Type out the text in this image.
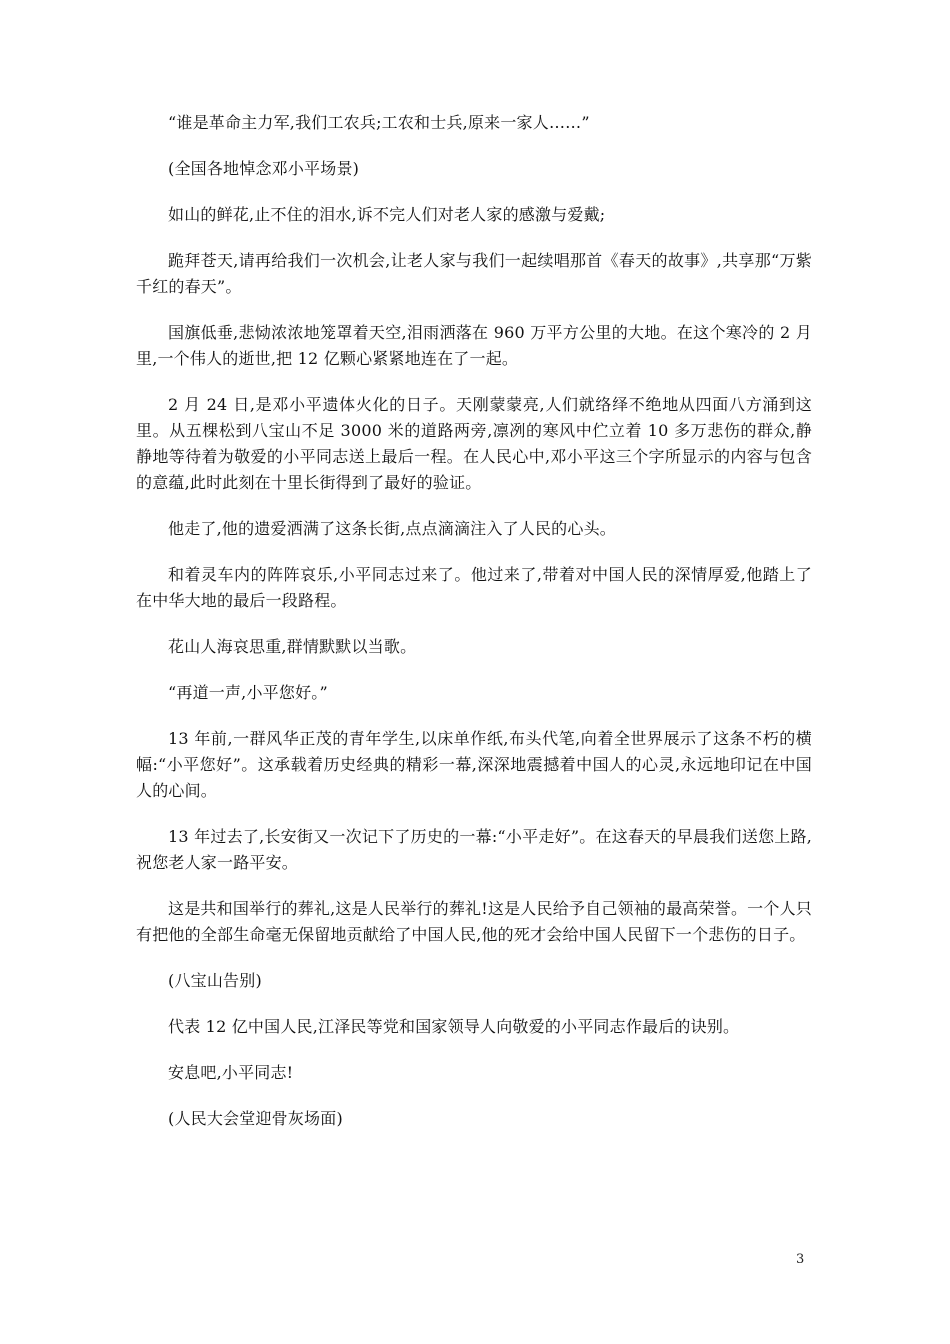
“谁是革命主力军,我们工农兵;工农和士兵,原来一家人……”

(全国各地悼念邓小平场景)

如山的鲜花,止不住的泪水,诉不完人们对老人家的感激与爱戴;

跪拜苍天,请再给我们一次机会,让老人家与我们一起续唱那首《春天的故事》,共享那“万紫千红的春天”。

国旗低垂,悲恸浓浓地笼罩着天空,泪雨洒落在 960 万平方公里的大地。在这个寒冷的 2 月里,一个伟人的逝世,把 12 亿颗心紧紧地连在了一起。

2 月 24 日,是邓小平遗体火化的日子。天刚蒙蒙亮,人们就络绎不绝地从四面八方涌到这里。从五棵松到八宝山不足 3000 米的道路两旁,凛冽的寒风中伫立着 10 多万悲伤的群众,静静地等待着为敬爱的小平同志送上最后一程。在人民心中,邓小平这三个字所显示的内容与包含的意蕴,此时此刻在十里长街得到了最好的验证。

他走了,他的遗爱洒满了这条长街,点点滴滴注入了人民的心头。

和着灵车内的阵阵哀乐,小平同志过来了。他过来了,带着对中国人民的深情厚爱,他踏上了在中华大地的最后一段路程。

花山人海哀思重,群情默默以当歌。

“再道一声,小平您好。”

13 年前,一群风华正茂的青年学生,以床单作纸,布头代笔,向着全世界展示了这条不朽的横幅:“小平您好”。这承载着历史经典的精彩一幕,深深地震撼着中国人的心灵,永远地印记在中国人的心间。

13 年过去了,长安街又一次记下了历史的一幕:“小平走好”。在这春天的早晨我们送您上路,祝您老人家一路平安。

这是共和国举行的葬礼,这是人民举行的葬礼!这是人民给予自己领袖的最高荣誉。一个人只有把他的全部生命毫无保留地贡献给了中国人民,他的死才会给中国人民留下一个悲伤的日子。

(八宝山告别)

代表 12 亿中国人民,江泽民等党和国家领导人向敬爱的小平同志作最后的诀别。

安息吧,小平同志!

(人民大会堂迎骨灰场面)

3
